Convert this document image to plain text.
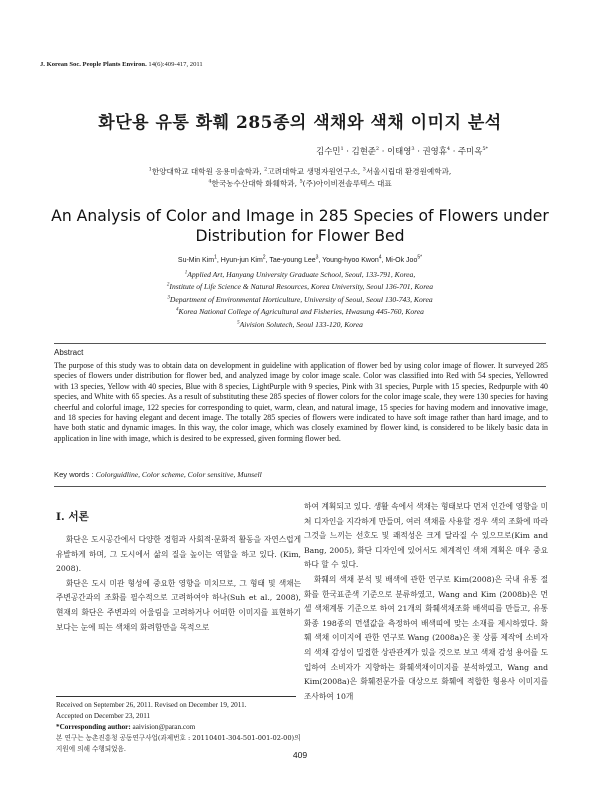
J. Korean Soc. People Plants Environ. 14(6):409-417, 2011
화단용 유통 화훼 285종의 색채와 색채 이미지 분석
김수민$^1$ · 김현준$^2$ · 이태영$^3$ · 권영휴$^4$ · 주미옥$^{5*}$
$^1$한양대학교 대학원 응용미술학과, $^2$고려대학교 생명자원연구소, $^3$서울시립대 환경원예학과,
$^4$한국농수산대학 화훼학과, $^5$(주)아이비전솔루텍스 대표
An Analysis of Color and Image in 285 Species of Flowers under
Distribution for Flower Bed
Su-Min Kim$^1$, Hyun-jun Kim$^2$, Tae-young Lee$^3$, Young-hyoo Kwon$^4$, Mi-Ok Joo$^{5*}$
$^1$Applied Art, Hanyang University Graduate School, Seoul, 133-791, Korea,
$^2$Institute of Life Science & Natural Resources, Korea University, Seoul 136-701, Korea
$^3$Department of Environmental Horticulture, University of Seoul, Seoul 130-743, Korea
$^4$Korea National College of Agricultural and Fisheries, Hwasung 445-760, Korea
$^5$Aivision Solutech, Seoul 133-120, Korea
Abstract
The purpose of this study was to obtain data on development in guideline with application of flower bed by using color image of flower. It surveyed 285 species of flowers under distribution for flower bed, and analyzed image by color image scale. Color was classified into Red with 54 species, Yellowred with 13 species, Yellow with 40 species, Blue with 8 species, LightPurple with 9 species, Pink with 31 species, Purple with 15 species, Redpurple with 40 species, and White with 65 species. As a result of substituting these 285 species of flower colors for the color image scale, they were 130 species for having cheerful and colorful image, 122 species for corresponding to quiet, warm, clean, and natural image, 15 species for having modern and innovative image, and 18 species for having elegant and decent image. The totally 285 species of flowers were indicated to have soft image rather than hard image, and to have both static and dynamic images. In this way, the color image, which was closely examined by flower kind, is considered to be likely basic data in application in line with image, which is desired to be expressed, given forming flower bed.
Key words : Colorguidline, Color scheme, Color sensitive, Munsell
Ⅰ. 서론

화단은 도시공간에서 다양한 경험과 사회적·문화적 활동을 자연스럽게 유발하게 하며, 그 도시에서 삶의 질을 높이는 역할을 하고 있다. (Kim, 2008).

화단은 도시 미관 형성에 중요한 영향을 미치므로, 그 형태 및 색채는 주변공간과의 조화를 필수적으로 고려하여야 하나(Suh et al., 2008), 현재의 화단은 주변과의 어울림을 고려하거나 어떠한 이미지를 표현하기 보다는 눈에 띄는 색채의 화려함만을 목적으로

하여 계획되고 있다. 생활 속에서 색채는 형태보다 먼저 인간에 영향을 미쳐 디자인을 지각하게 만들며, 여러 색채를 사용할 경우 색의 조화에 따라 그것을 느끼는 선호도 및 쾌적성은 크게 달라질 수 있으므로(Kim and Bang, 2005), 화단 디자인에 있어서도 체계적인 색채 계획은 매우 중요하다 할 수 있다.

화훼의 색채 분석 및 배색에 관한 연구로 Kim(2008)은 국내 유통 절화를 한국표준색 기준으로 분류하였고, Wang and Kim (2008b)은 먼셀 색채계통 기준으로 하여 21개의 화훼색채조화 배색띠를 만들고, 유통화종 198종의 먼셀값을 측정하여 배색띠에 맞는 소재를 제시하였다. 화훼 색채 이미지에 관한 연구로 Wang (2008a)은 꽃 상품 제작에 소비자의 색채 감성이 밀접한 상관관계가 있을 것으로 보고 색채 감성 용어를 도입하여 소비자가 지향하는 화훼색채이미지를 분석하였고, Wang and Kim(2008a)은 화훼전문가를 대상으로 화훼에 적합한 형용사 이미지를 조사하여 10개

Received on September 26, 2011. Revised on December 19, 2011.
Accepted on December 23, 2011
*Corresponding author: aaivision@paran.com
본 연구는 농촌진흥청 공동연구사업(과제번호 : 20110401-304-501-001-02-00)의 지원에 의해 수행되었음.
409
